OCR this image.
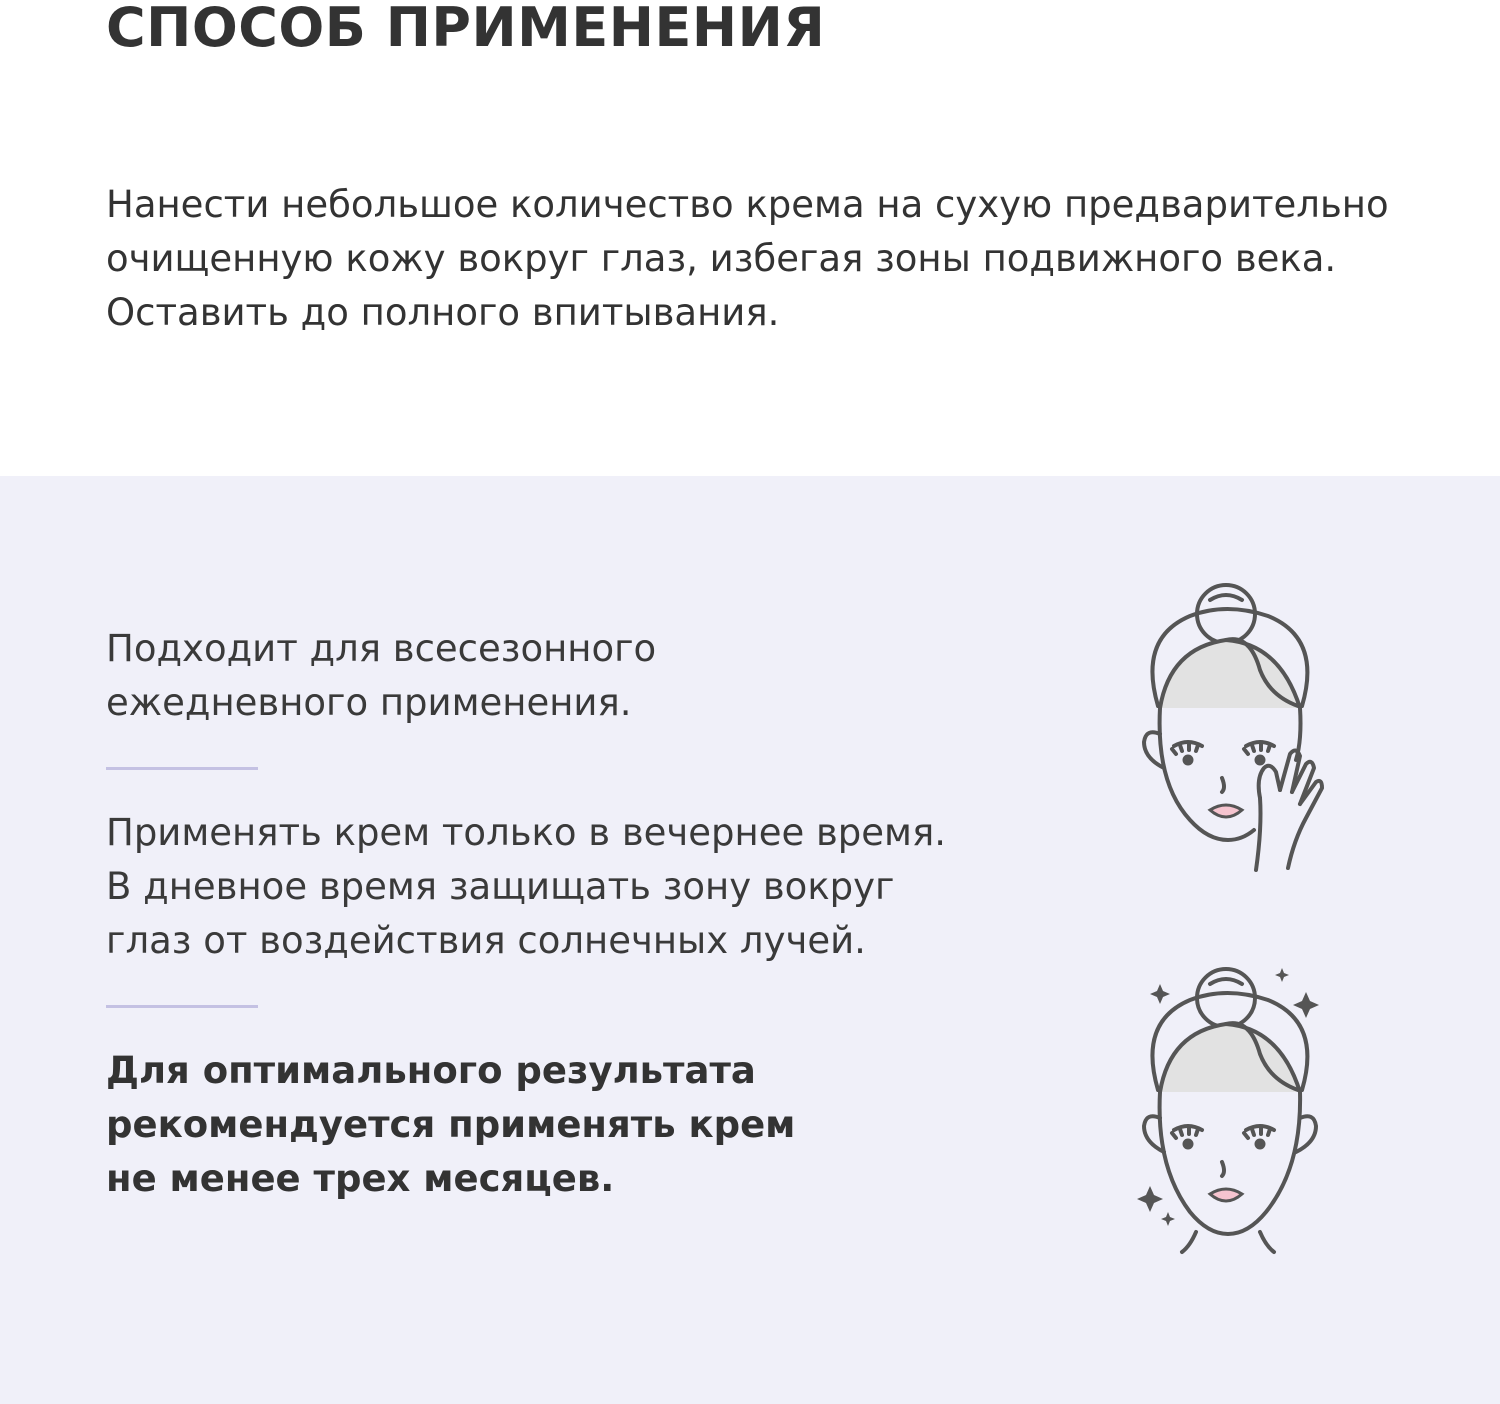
СПОСОБ ПРИМЕНЕНИЯ

Нанести небольшое количество крема на сухую предварительно очищенную кожу вокруг глаз, избегая зоны подвижного века. Оставить до полного впитывания.

Подходит для всесезонного
ежедневного применения.

Применять крем только в вечернее время.
В дневное время защищать зону вокруг
глаз от воздействия солнечных лучей.

Для оптимального результата
рекомендуется применять крем
не менее трех месяцев.
